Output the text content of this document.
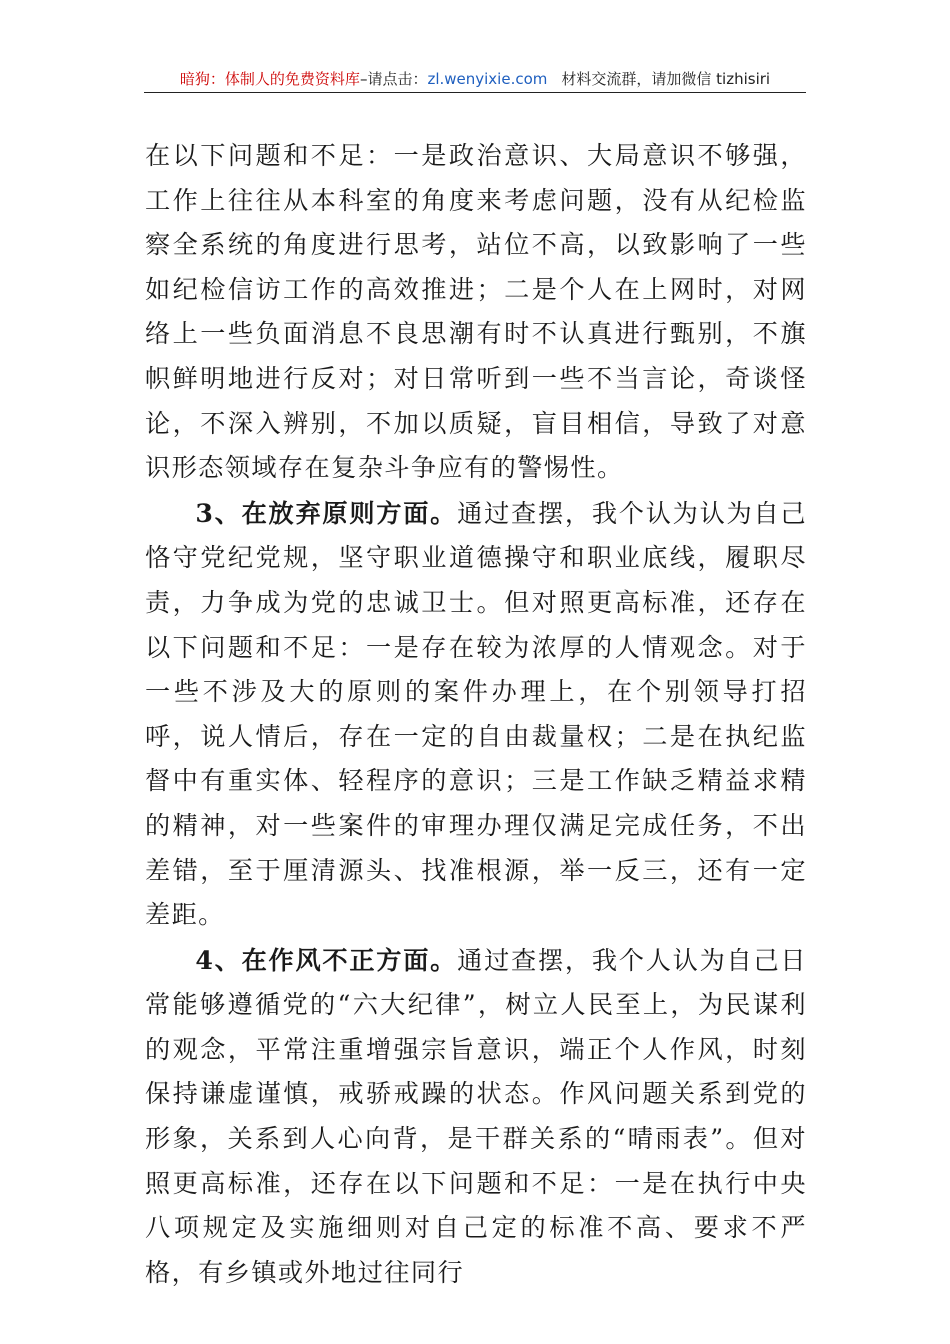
暗狗：体制人的免费资料库–请点击：zl.wenyixie.com 材料交流群，请加微信 tizhisiri

在以下问题和不足：一是政治意识、大局意识不够强，工作上往往从本科室的角度来考虑问题，没有从纪检监察全系统的角度进行思考，站位不高，以致影响了一些如纪检信访工作的高效推进；二是个人在上网时，对网络上一些负面消息不良思潮有时不认真进行甄别，不旗帜鲜明地进行反对；对日常听到一些不当言论，奇谈怪论，不深入辨别，不加以质疑，盲目相信，导致了对意识形态领域存在复杂斗争应有的警惕性。

3、在放弃原则方面。通过查摆，我个认为认为自己恪守党纪党规，坚守职业道德操守和职业底线，履职尽责，力争成为党的忠诚卫士。但对照更高标准，还存在以下问题和不足：一是存在较为浓厚的人情观念。对于一些不涉及大的原则的案件办理上，在个别领导打招呼，说人情后，存在一定的自由裁量权；二是在执纪监督中有重实体、轻程序的意识；三是工作缺乏精益求精的精神，对一些案件的审理办理仅满足完成任务，不出差错，至于厘清源头、找准根源，举一反三，还有一定差距。

4、在作风不正方面。通过查摆，我个人认为自己日常能够遵循党的“六大纪律”，树立人民至上，为民谋利的观念，平常注重增强宗旨意识，端正个人作风，时刻保持谦虚谨慎，戒骄戒躁的状态。作风问题关系到党的形象，关系到人心向背，是干群关系的“晴雨表”。但对照更高标准，还存在以下问题和不足：一是在执行中央八项规定及实施细则对自己定的标准不高、要求不严格，有乡镇或外地过往同行
